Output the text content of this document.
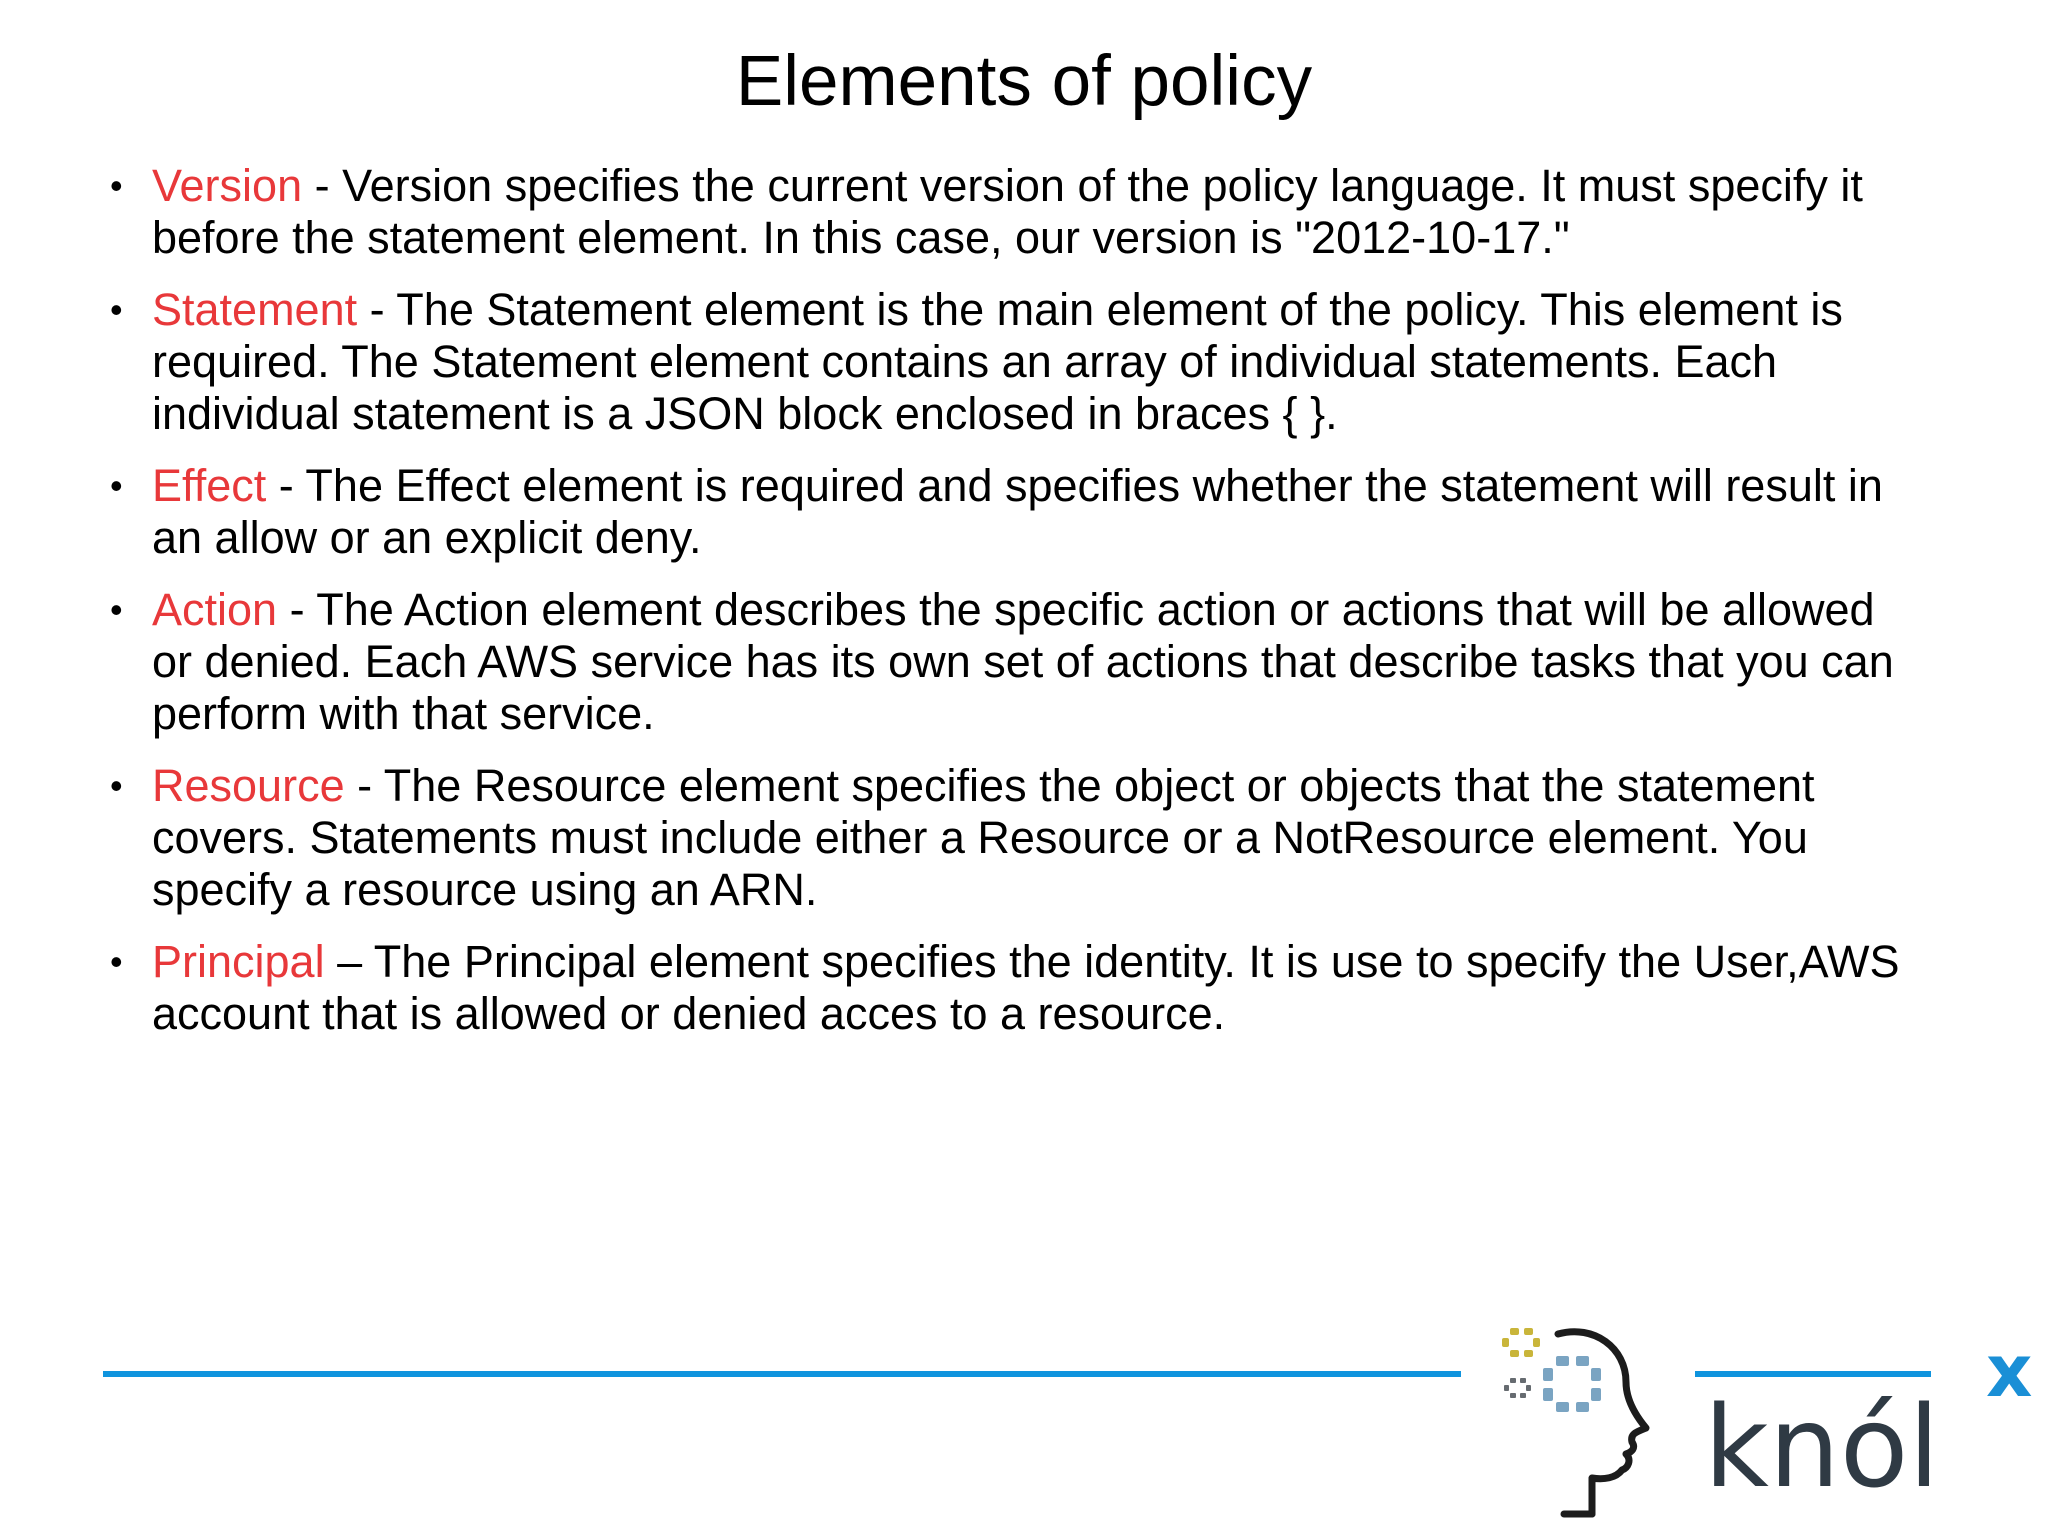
Elements of policy
• Version - Version specifies the current version of the policy language. It must specify it before the statement element. In this case, our version is "2012-10-17."
• Statement - The Statement element is the main element of the policy. This element is required. The Statement element contains an array of individual statements. Each individual statement is a JSON block enclosed in braces { }.
• Effect - The Effect element is required and specifies whether the statement will result in an allow or an explicit deny.
• Action - The Action element describes the specific action or actions that will be allowed or denied. Each AWS service has its own set of actions that describe tasks that you can perform with that service.
• Resource - The Resource element specifies the object or objects that the statement covers. Statements must include either a Resource or a NotResource element. You specify a resource using an ARN.
• Principal – The Principal element specifies the identity. It is use to specify the User,AWS account that is allowed or denied acces to a resource.
knól
x
